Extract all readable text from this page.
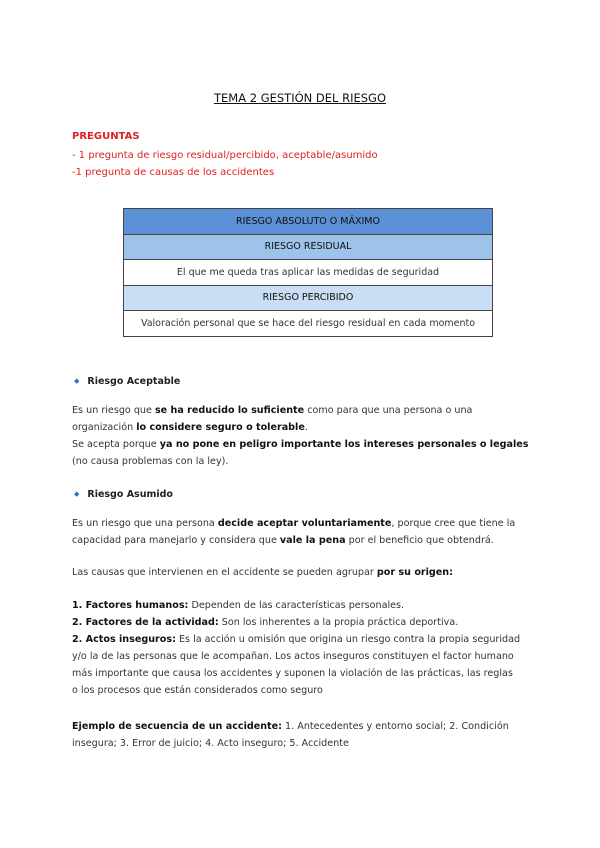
TEMA 2 GESTIÓN DEL RIESGO
PREGUNTAS
- 1 pregunta de riesgo residual/percibido, aceptable/asumido
-1 pregunta de causas de los accidentes
RIESGO ABSOLUTO O MÁXIMO
RIESGO RESIDUAL
El que me queda tras aplicar las medidas de seguridad
RIESGO PERCIBIDO
Valoración personal que se hace del riesgo residual en cada momento
◆ Riesgo Aceptable
Es un riesgo que se ha reducido lo suficiente como para que una persona o una
organización lo considere seguro o tolerable.
Se acepta porque ya no pone en peligro importante los intereses personales o legales
(no causa problemas con la ley).
◆ Riesgo Asumido
Es un riesgo que una persona decide aceptar voluntariamente, porque cree que tiene la
capacidad para manejarlo y considera que vale la pena por el beneficio que obtendrá.
Las causas que intervienen en el accidente se pueden agrupar por su origen:
1. Factores humanos: Dependen de las características personales.
2. Factores de la actividad: Son los inherentes a la propia práctica deportiva.
2. Actos inseguros: Es la acción u omisión que origina un riesgo contra la propia seguridad
y/o la de las personas que le acompañan. Los actos inseguros constituyen el factor humano
más importante que causa los accidentes y suponen la violación de las prácticas, las reglas
o los procesos que están considerados como seguro
Ejemplo de secuencia de un accidente: 1. Antecedentes y entorno social; 2. Condición
insegura; 3. Error de juicio; 4. Acto inseguro; 5. Accidente
